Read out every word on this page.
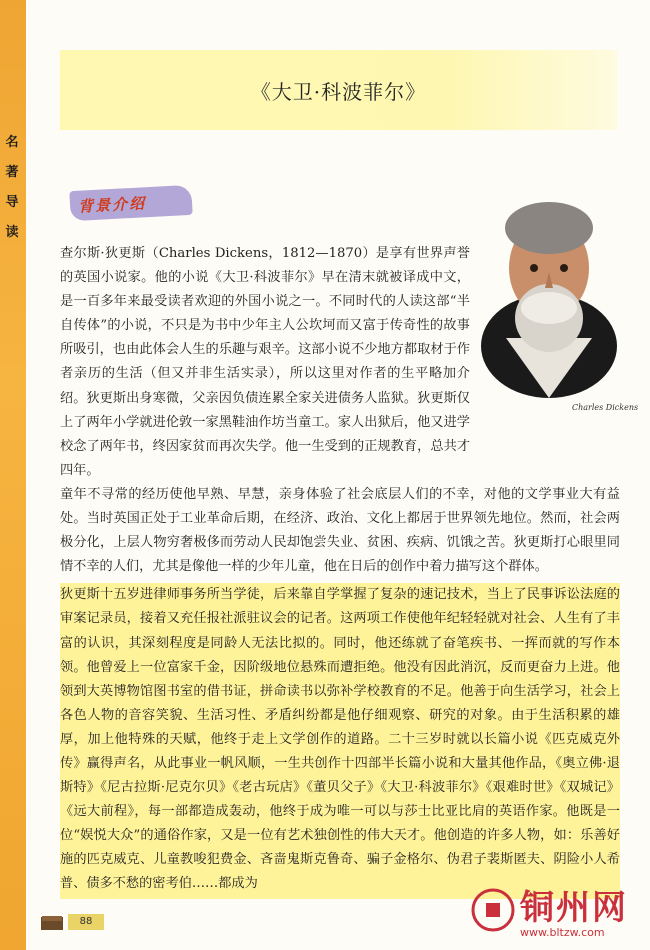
名著导读
《大卫·科波菲尔》
背景介绍
Charles Dickens

查尔斯·狄更斯（Charles Dickens，1812—1870）是享有世界声誉的英国小说家。他的小说《大卫·科波菲尔》早在清末就被译成中文，是一百多年来最受读者欢迎的外国小说之一。不同时代的人读这部“半自传体”的小说，不只是为书中少年主人公坎坷而又富于传奇性的故事所吸引，也由此体会人生的乐趣与艰辛。这部小说不少地方都取材于作者亲历的生活（但又并非生活实录），所以这里对作者的生平略加介绍。狄更斯出身寒微，父亲因负债连累全家关进债务人监狱。狄更斯仅上了两年小学就进伦敦一家黑鞋油作坊当童工。家人出狱后，他又进学校念了两年书，终因家贫而再次失学。他一生受到的正规教育，总共才四年。

童年不寻常的经历使他早熟、早慧，亲身体验了社会底层人们的不幸，对他的文学事业大有益处。当时英国正处于工业革命后期，在经济、政治、文化上都居于世界领先地位。然而，社会两极分化，上层人物穷奢极侈而劳动人民却饱尝失业、贫困、疾病、饥饿之苦。狄更斯打心眼里同情不幸的人们，尤其是像他一样的少年儿童，他在日后的创作中着力描写这个群体。

狄更斯十五岁进律师事务所当学徒，后来靠自学掌握了复杂的速记技术，当上了民事诉讼法庭的审案记录员，接着又充任报社派驻议会的记者。这两项工作使他年纪轻轻就对社会、人生有了丰富的认识，其深刻程度是同龄人无法比拟的。同时，他还练就了奋笔疾书、一挥而就的写作本领。他曾爱上一位富家千金，因阶级地位悬殊而遭拒绝。他没有因此消沉，反而更奋力上进。他领到大英博物馆图书室的借书证，拼命读书以弥补学校教育的不足。他善于向生活学习，社会上各色人物的音容笑貌、生活习性、矛盾纠纷都是他仔细观察、研究的对象。由于生活积累的雄厚，加上他特殊的天赋，他终于走上文学创作的道路。二十三岁时就以长篇小说《匹克威克外传》赢得声名，从此事业一帆风顺，一生共创作十四部半长篇小说和大量其他作品，《奥立佛·退斯特》《尼古拉斯·尼克尔贝》《老古玩店》《董贝父子》《大卫·科波菲尔》《艰难时世》《双城记》《远大前程》，每一部都造成轰动，他终于成为唯一可以与莎士比亚比肩的英语作家。他既是一位“娱悦大众”的通俗作家，又是一位有艺术独创性的伟大天才。他创造的许多人物，如：乐善好施的匹克威克、儿童教唆犯费金、吝啬鬼斯克鲁奇、骗子金格尔、伪君子裴斯匿夫、阴险小人希普、债多不愁的密考伯……都成为

88	铜州网
www.bltzw.com
